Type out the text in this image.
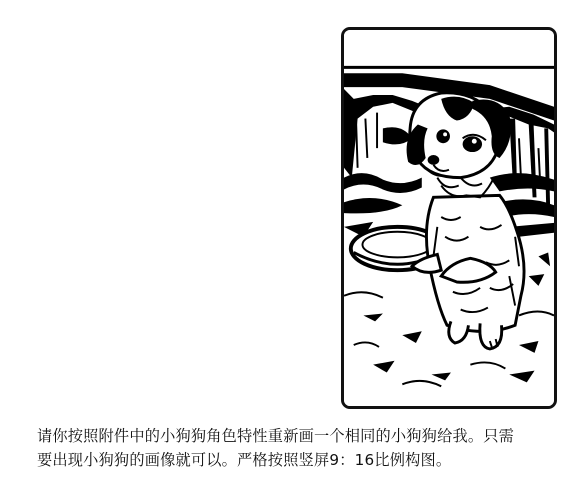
请你按照附件中的小狗狗角色特性重新画一个相同的小狗狗给我。只需
要出现小狗狗的画像就可以。严格按照竖屏9：16比例构图。
